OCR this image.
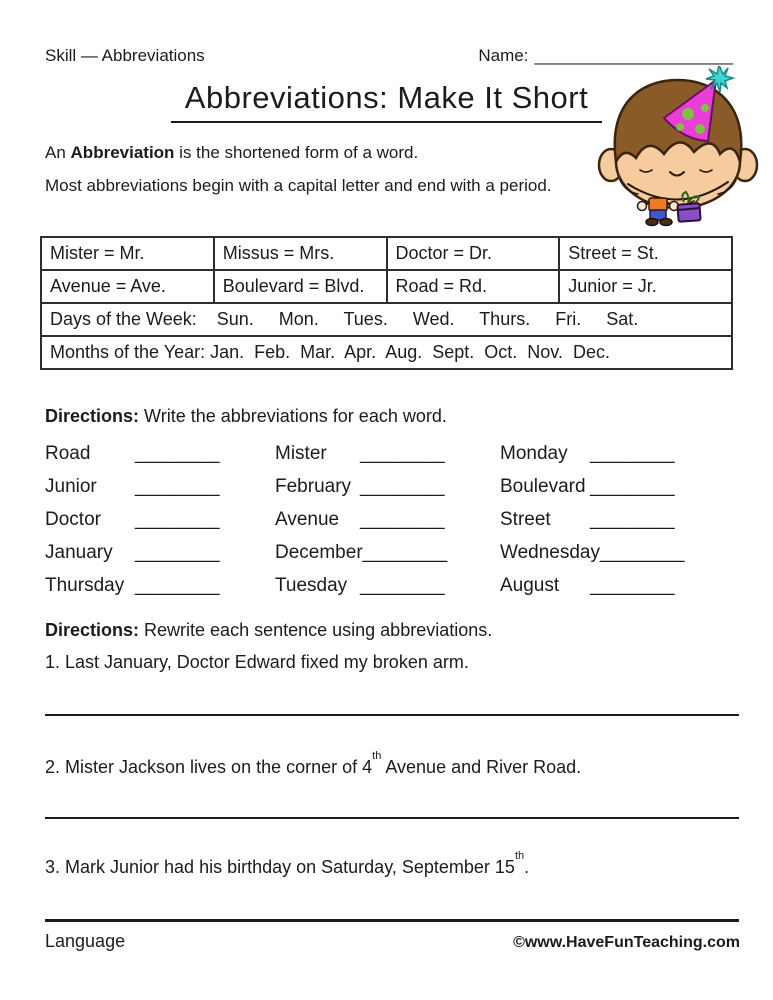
Skill — Abbreviations	Name: _____________________
Abbreviations: Make It Short
An Abbreviation is the shortened form of a word.
Most abbreviations begin with a capital letter and end with a period.
Mister = Mr.	Missus = Mrs.	Doctor = Dr.	Street = St.
Avenue = Ave.	Boulevard = Blvd.	Road = Rd.	Junior = Jr.
Days of the Week:    Sun.     Mon.     Tues.     Wed.     Thurs.     Fri.     Sat.			
Months of the Year: Jan.  Feb.  Mar.  Apr.  Aug.  Sept.  Oct.  Nov.  Dec.			
Directions: Write the abbreviations for each word.
Road	________	Mister	________	Monday	________
Junior	________	February ________	Boulevard ________
Doctor	________	Avenue	________	Street	________
January	________	December ________	Wednesday ________
Thursday ________	Tuesday ________	August	________
Directions: Rewrite each sentence using abbreviations.
1. Last January, Doctor Edward fixed my broken arm.
2. Mister Jackson lives on the corner of 4th Avenue and River Road.
3. Mark Junior had his birthday on Saturday, September 15th.
Language	©www.HaveFunTeaching.com
